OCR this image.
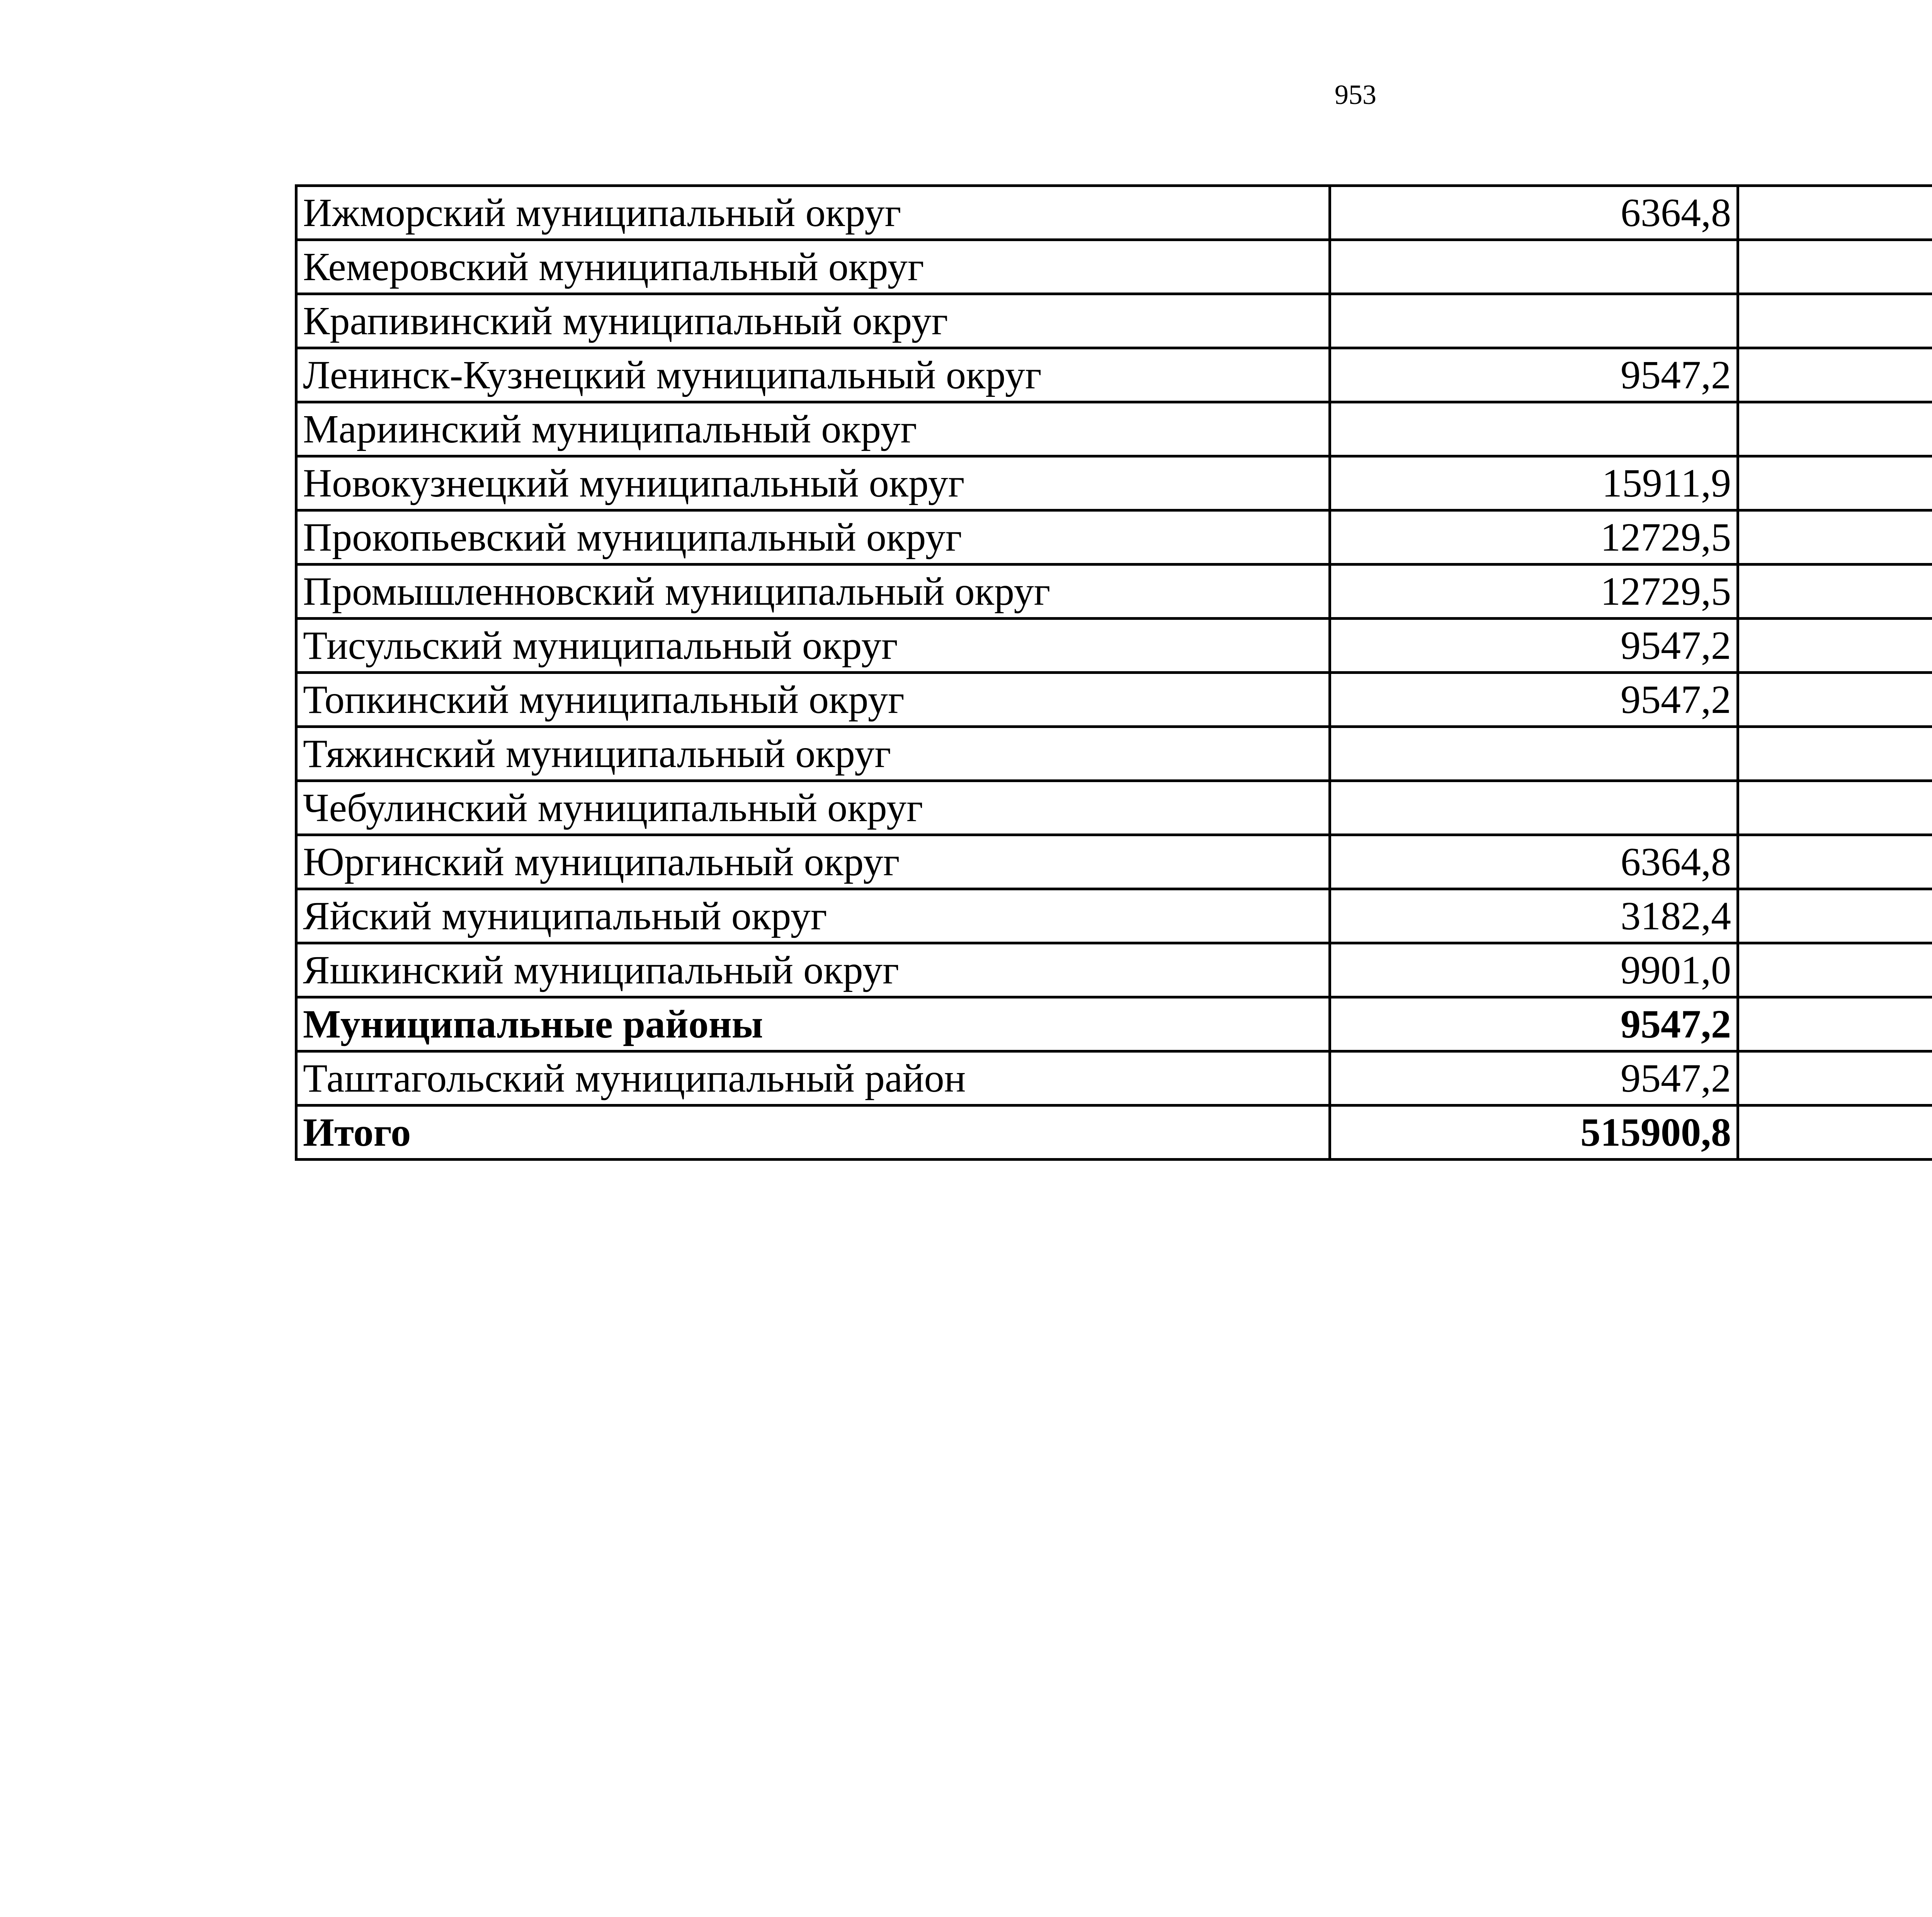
953
Ижморский муниципальный округ	6364,8		
Кемеровский муниципальный округ			
Крапивинский муниципальный округ			
Ленинск-Кузнецкий муниципальный округ	9547,2		
Мариинский муниципальный округ			
Новокузнецкий муниципальный округ	15911,9		
Прокопьевский муниципальный округ	12729,5		
Промышленновский муниципальный округ	12729,5		
Тисульский муниципальный округ	9547,2		
Топкинский муниципальный округ	9547,2		
Тяжинский муниципальный округ			
Чебулинский муниципальный округ			
Юргинский муниципальный округ	6364,8		
Яйский муниципальный округ	3182,4		
Яшкинский муниципальный округ	9901,0		
Муниципальные районы	9547,2		
Таштагольский муниципальный район	9547,2		
Итого	515900,8		
